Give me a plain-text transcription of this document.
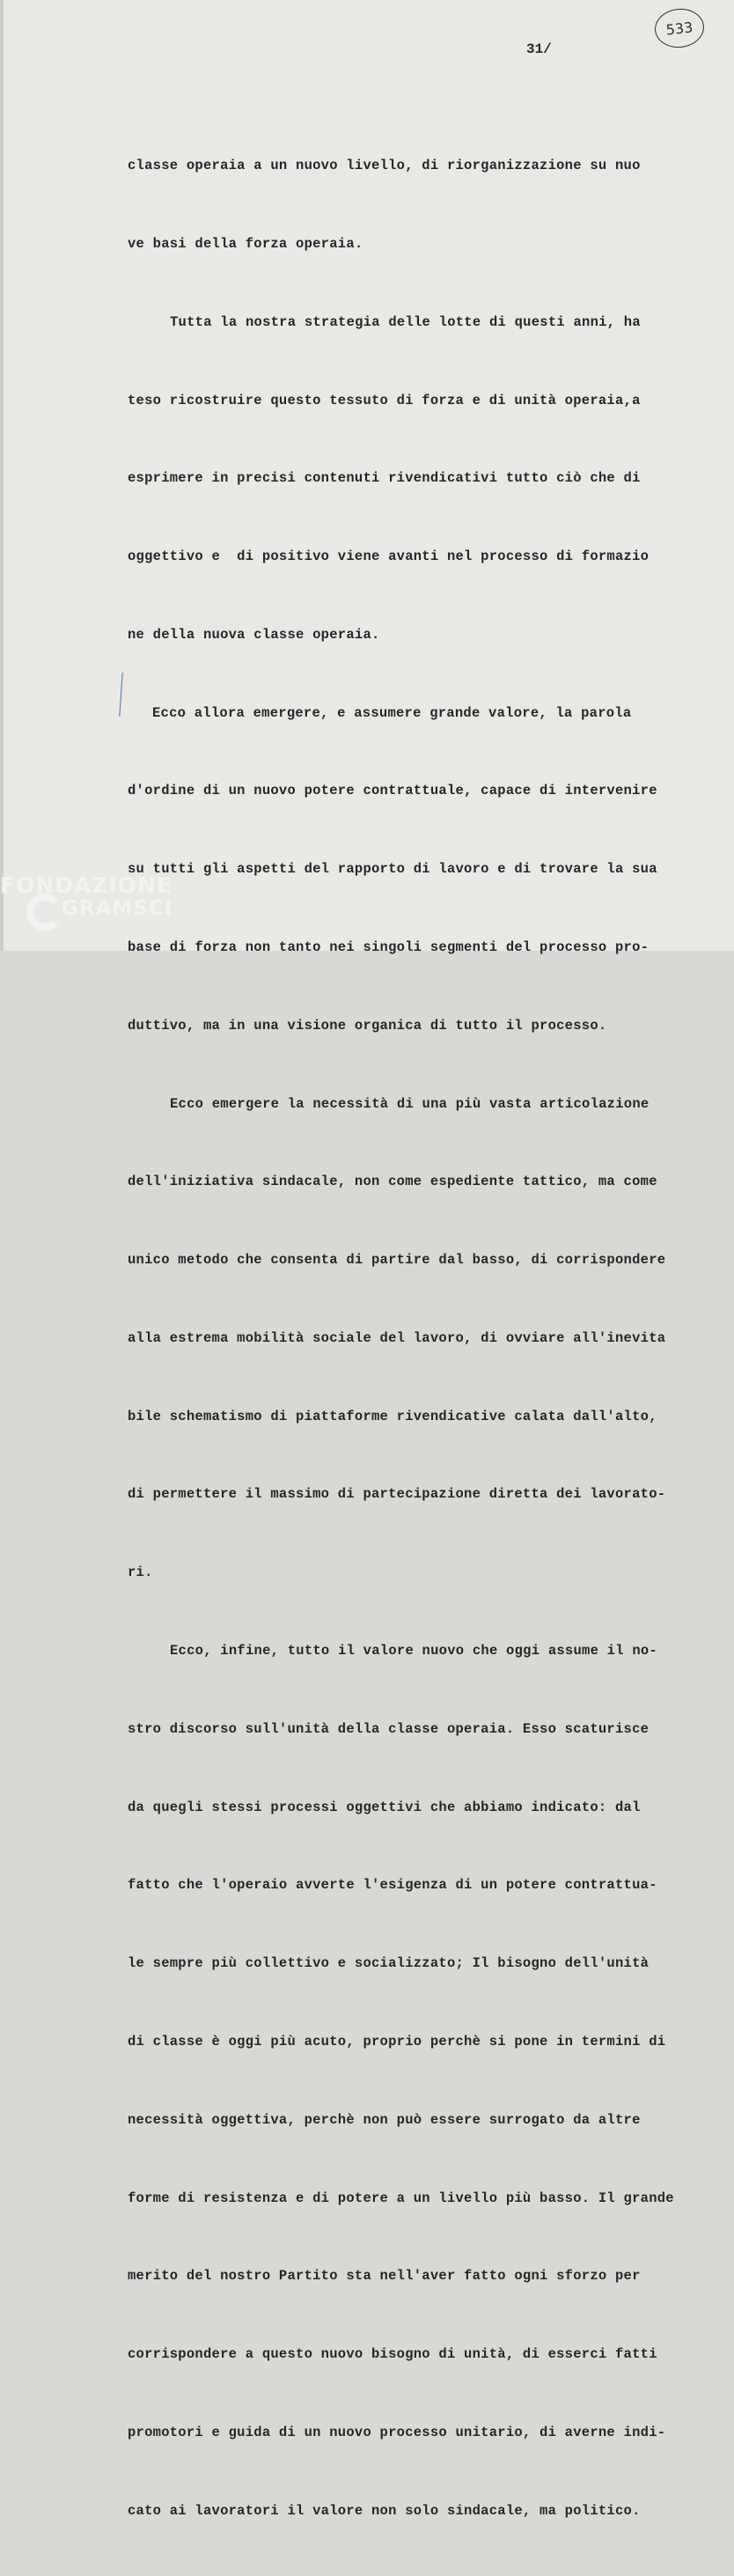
533
31/

classe operaia a un nuovo livello, di riorganizzazione su nuo

ve basi della forza operaia.

Tutta la nostra strategia delle lotte di questi anni, ha

teso ricostruire questo tessuto di forza e di unità operaia,a

esprimere in precisi contenuti rivendicativi tutto ciò che di

oggettivo e  di positivo viene avanti nel processo di formazio

ne della nuova classe operaia.

Ecco allora emergere, e assumere grande valore, la parola

d'ordine di un nuovo potere contrattuale, capace di intervenire

su tutti gli aspetti del rapporto di lavoro e di trovare la sua

base di forza non tanto nei singoli segmenti del processo pro-

duttivo, ma in una visione organica di tutto il processo.

Ecco emergere la necessità di una più vasta articolazione

dell'iniziativa sindacale, non come espediente tattico, ma come

unico metodo che consenta di partire dal basso, di corrispondere

alla estrema mobilità sociale del lavoro, di ovviare all'inevita

bile schematismo di piattaforme rivendicative calata dall'alto,

di permettere il massimo di partecipazione diretta dei lavorato-

ri.

Ecco, infine, tutto il valore nuovo che oggi assume il no-

stro discorso sull'unità della classe operaia. Esso scaturisce

da quegli stessi processi oggettivi che abbiamo indicato: dal

fatto che l'operaio avverte l'esigenza di un potere contrattua-

le sempre più collettivo e socializzato; Il bisogno dell'unità

di classe è oggi più acuto, proprio perchè si pone in termini di

necessità oggettiva, perchè non può essere surrogato da altre

forme di resistenza e di potere a un livello più basso. Il grande

merito del nostro Partito sta nell'aver fatto ogni sforzo per

corrispondere a questo nuovo bisogno di unità, di esserci fatti

promotori e guida di un nuovo processo unitario, di averne indi-

cato ai lavoratori il valore non solo sindacale, ma politico.

FONDAZIONE
GRAMSCI
